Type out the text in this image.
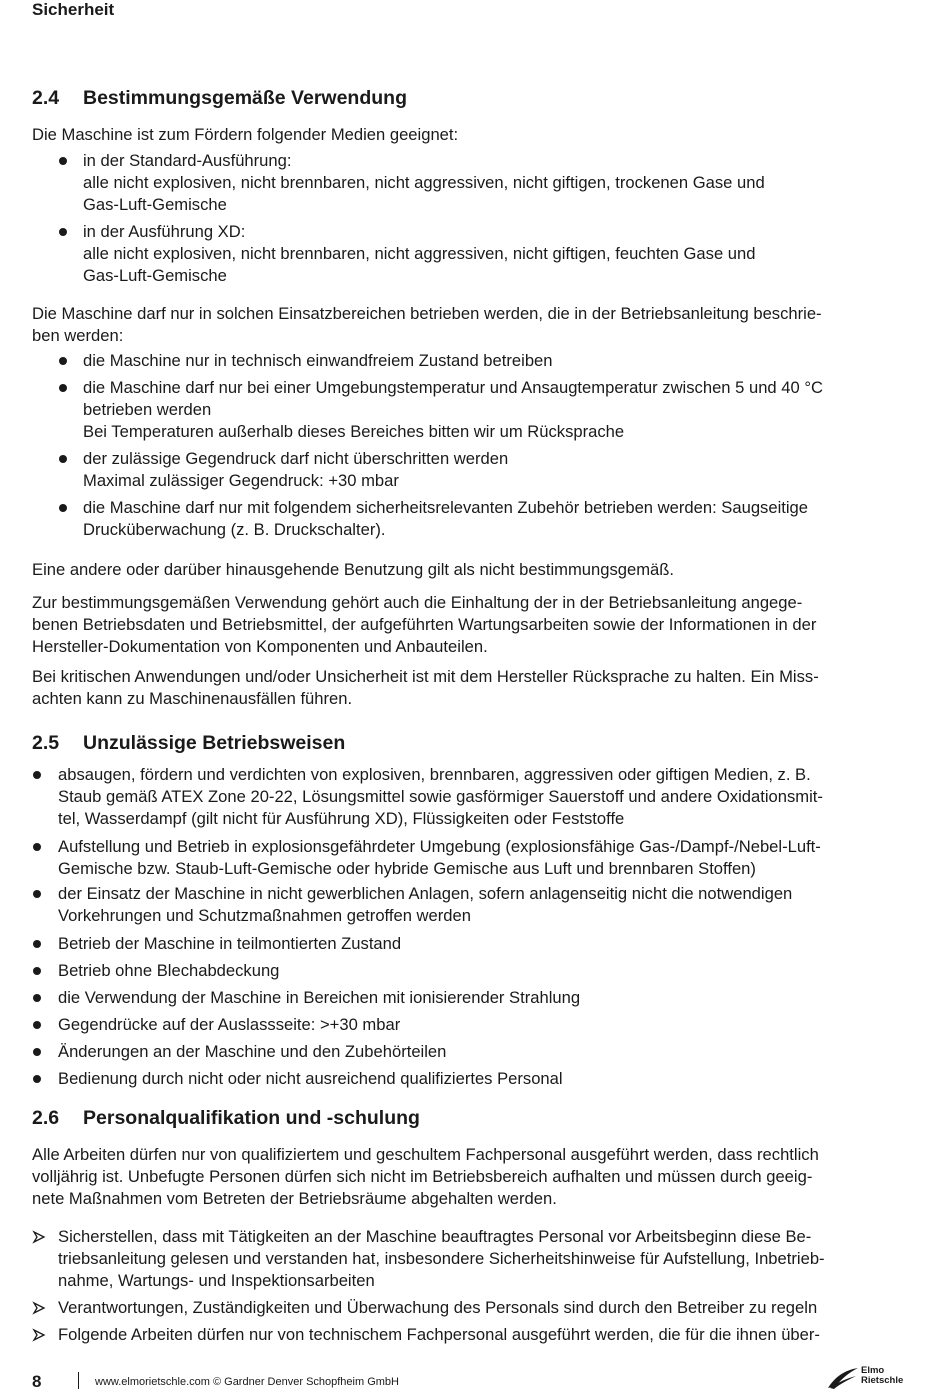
Sicherheit
2.4 Bestimmungsgemäße Verwendung
Die Maschine ist zum Fördern folgender Medien geeignet:
in der Standard-Ausführung:
alle nicht explosiven, nicht brennbaren, nicht aggressiven, nicht giftigen, trockenen Gase und
Gas-Luft-Gemische
in der Ausführung XD:
alle nicht explosiven, nicht brennbaren, nicht aggressiven, nicht giftigen, feuchten Gase und
Gas-Luft-Gemische
Die Maschine darf nur in solchen Einsatzbereichen betrieben werden, die in der Betriebsanleitung beschrie-
ben werden:
die Maschine nur in technisch einwandfreiem Zustand betreiben
die Maschine darf nur bei einer Umgebungstemperatur und Ansaugtemperatur zwischen 5 und 40 °C
betrieben werden
Bei Temperaturen außerhalb dieses Bereiches bitten wir um Rücksprache
der zulässige Gegendruck darf nicht überschritten werden
Maximal zulässiger Gegendruck: +30 mbar
die Maschine darf nur mit folgendem sicherheitsrelevanten Zubehör betrieben werden: Saugseitige
Drucküberwachung (z. B. Druckschalter).
Eine andere oder darüber hinausgehende Benutzung gilt als nicht bestimmungsgemäß.
Zur bestimmungsgemäßen Verwendung gehört auch die Einhaltung der in der Betriebsanleitung angege-
benen Betriebsdaten und Betriebsmittel, der aufgeführten Wartungsarbeiten sowie der Informationen in der
Hersteller-Dokumentation von Komponenten und Anbauteilen.
Bei kritischen Anwendungen und/oder Unsicherheit ist mit dem Hersteller Rücksprache zu halten. Ein Miss-
achten kann zu Maschinenausfällen führen.
2.5 Unzulässige Betriebsweisen
absaugen, fördern und verdichten von explosiven, brennbaren, aggressiven oder giftigen Medien, z. B.
Staub gemäß ATEX Zone 20-22, Lösungsmittel sowie gasförmiger Sauerstoff und andere Oxidationsmit-
tel, Wasserdampf (gilt nicht für Ausführung XD), Flüssigkeiten oder Feststoffe
Aufstellung und Betrieb in explosionsgefährdeter Umgebung (explosionsfähige Gas-/Dampf-/Nebel-Luft-
Gemische bzw. Staub-Luft-Gemische oder hybride Gemische aus Luft und brennbaren Stoffen)
der Einsatz der Maschine in nicht gewerblichen Anlagen, sofern anlagenseitig nicht die notwendigen
Vorkehrungen und Schutzmaßnahmen getroffen werden
Betrieb der Maschine in teilmontierten Zustand
Betrieb ohne Blechabdeckung
die Verwendung der Maschine in Bereichen mit ionisierender Strahlung
Gegendrücke auf der Auslassseite: >+30 mbar
Änderungen an der Maschine und den Zubehörteilen
Bedienung durch nicht oder nicht ausreichend qualifiziertes Personal
2.6 Personalqualifikation und -schulung
Alle Arbeiten dürfen nur von qualifiziertem und geschultem Fachpersonal ausgeführt werden, dass rechtlich
volljährig ist. Unbefugte Personen dürfen sich nicht im Betriebsbereich aufhalten und müssen durch geeig-
nete Maßnahmen vom Betreten der Betriebsräume abgehalten werden.
Sicherstellen, dass mit Tätigkeiten an der Maschine beauftragtes Personal vor Arbeitsbeginn diese Be-
triebsanleitung gelesen und verstanden hat, insbesondere Sicherheitshinweise für Aufstellung, Inbetrieb-
nahme, Wartungs- und Inspektionsarbeiten
Verantwortungen, Zuständigkeiten und Überwachung des Personals sind durch den Betreiber zu regeln
Folgende Arbeiten dürfen nur von technischem Fachpersonal ausgeführt werden, die für die ihnen über-
8	www.elmorietschle.com © Gardner Denver Schopfheim GmbH
Elmo
Rietschle
